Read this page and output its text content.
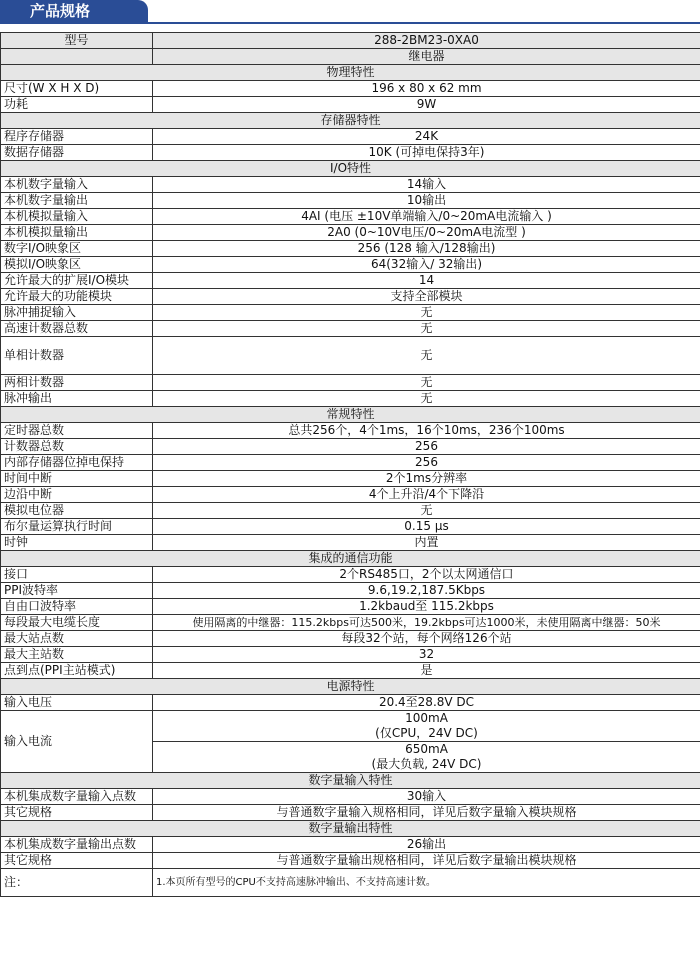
产品规格
型号	288-2BM23-0XA0
	继电器
物理特性	
尺寸(W X H X D)	196 x 80 x 62 mm
功耗	9W
存储器特性	
程序存储器	24K
数据存储器	10K (可掉电保持3年)
I/O特性	
本机数字量输入	14输入
本机数字量输出	10输出
本机模拟量输入	4AI (电压 ±10V单端输入/0~20mA电流输入 )
本机模拟量输出	2A0 (0~10V电压/0~20mA电流型 )
数字I/O映象区	256 (128 输入/128输出)
模拟I/O映象区	64(32输入/ 32输出)
允许最大的扩展I/O模块	14
允许最大的功能模块	支持全部模块
脉冲捕捉输入	无
高速计数器总数	无
单相计数器	无
两相计数器	无
脉冲输出	无
常规特性	
定时器总数	总共256个，4个1ms，16个10ms，236个100ms
计数器总数	256
内部存储器位掉电保持	256
时间中断	2个1ms分辨率
边沿中断	4个上升沿/4个下降沿
模拟电位器	无
布尔量运算执行时间	0.15 μs
时钟	内置
集成的通信功能	
接口	2个RS485口，2个以太网通信口
PPI波特率	9.6,19.2,187.5Kbps
自由口波特率	1.2kbaud至 115.2kbps
每段最大电缆长度	使用隔离的中继器：115.2kbps可达500米，19.2kbps可达1000米，未使用隔离中继器：50米
最大站点数	每段32个站，每个网络126个站
最大主站数	32
点到点(PPI主站模式)	是
电源特性	
输入电压	20.4至28.8V DC
输入电流	100mA
	(仅CPU，24V DC)
	650mA
	(最大负载, 24V DC)
数字量输入特性	
本机集成数字量输入点数	30输入
其它规格	与普通数字量输入规格相同，详见后数字量输入模块规格
数字量输出特性	
本机集成数字量输出点数	26输出
其它规格	与普通数字量输出规格相同，详见后数字量输出模块规格
注：	1.本页所有型号的CPU不支持高速脉冲输出、不支持高速计数。
